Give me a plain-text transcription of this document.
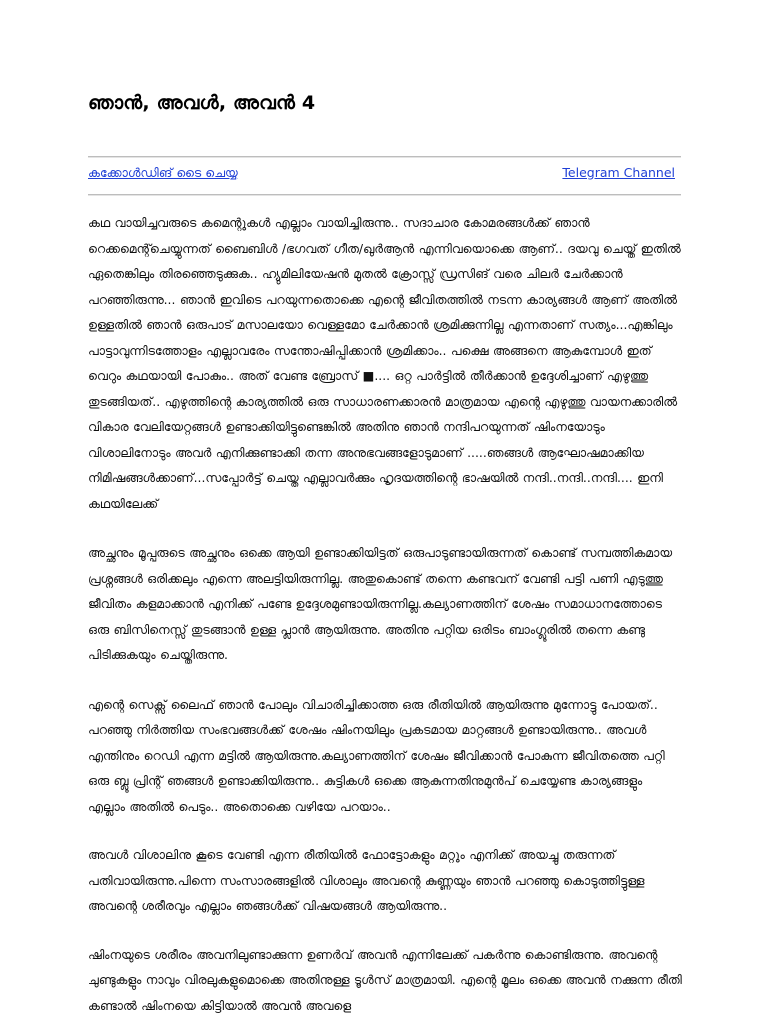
ഞാൻ, അവൾ, അവൻ 4
കക്കോൾഡിങ് ടൈ ചെയ്യ	Telegram Channel

കഥ വായിച്ചവരുടെ കമെന്റുകൾ എല്ലാം വായിച്ചിരുന്നു.. സദാചാര കോമരങ്ങൾക്ക് ഞാൻ റെക്കമെന്റ്ചെയ്യുന്നത് ബൈബിൾ /ഭഗവത് ഗീത/ഖുർആൻ എന്നിവയൊക്കെ ആണ്.. ദയവു ചെയ്ത് ഇതിൽ ഏതെങ്കിലും തിരഞ്ഞെടുക്കുക.. ഹ്യുമിലിയേഷൻ മുതൽ ക്രോസ്സ് ഡ്രസിങ് വരെ ചിലർ ചേർക്കാൻ പറഞ്ഞിരുന്നു... ഞാൻ ഇവിടെ പറയുന്നതൊക്കെ എന്റെ ജീവിതത്തിൽ നടന്ന കാര്യങ്ങൾ ആണ് അതിൽ ഉള്ളതിൽ ഞാൻ ഒരുപാട് മസാലയോ വെള്ളമോ ചേർക്കാൻ ശ്രമിക്കുന്നില്ല എന്നതാണ് സത്യം...എങ്കിലും പാട്ടാവുന്നിടത്തോളം എല്ലാവരേം സന്തോഷിപ്പിക്കാൻ ശ്രമിക്കാം.. പക്ഷെ അങ്ങനെ ആകുമ്പോൾ ഇത് വെറും കഥയായി പോകും.. അത് വേണ്ട ബ്രോസ് ■.... ഒറ്റ പാർട്ടിൽ തീർക്കാൻ ഉദ്ദേശിച്ചാണ് എഴുത്തു തുടങ്ങിയത്.. എഴുത്തിന്റെ കാര്യത്തിൽ ഒരു സാധാരണക്കാരൻ മാത്രമായ എന്റെ എഴുത്തു വായനക്കാരിൽ വികാര വേലിയേറ്റങ്ങൾ ഉണ്ടാക്കിയിട്ടുണ്ടെങ്കിൽ അതിനു ഞാൻ നന്ദിപറയുന്നത് ഷിംനയോടും വിശാലിനോടും അവർ എനിക്കുണ്ടാക്കി തന്ന അനുഭവങ്ങളോടുമാണ് .....ഞങ്ങൾ ആഘോഷമാക്കിയ നിമിഷങ്ങൾക്കാണ്...സപ്പോർട്ട് ചെയ്ത എല്ലാവർക്കും ഹൃദയത്തിന്റെ ഭാഷയിൽ നന്ദി..നന്ദി..നന്ദി.... ഇനി കഥയിലേക്ക്

അച്ഛനും മൂപ്പരുടെ അച്ഛനും ഒക്കെ ആയി ഉണ്ടാക്കിയിട്ടത് ഒരുപാടുണ്ടായിരുന്നത് കൊണ്ട് സമ്പത്തികമായ പ്രശ്നങ്ങൾ ഒരിക്കലും എന്നെ അലട്ടിയിരുന്നില്ല. അതുകൊണ്ട് തന്നെ കണ്ടവന് വേണ്ടി പട്ടി പണി എടുത്തു ജീവിതം കളമാക്കാൻ എനിക്ക് പണ്ടേ ഉദ്ദേശമുണ്ടായിരുന്നില്ല.കല്യാണത്തിന് ശേഷം സമാധാനത്തോടെ ഒരു ബിസിനെസ്സ് തുടങ്ങാൻ ഉള്ള പ്ലാൻ ആയിരുന്നു. അതിനു പറ്റിയ ഒരിടം ബാംഗ്ലൂരിൽ തന്നെ കണ്ടു പിടിക്കുകയും ചെയ്തിരുന്നു.

എന്റെ സെക്സ് ലൈഫ് ഞാൻ പോലും വിചാരിച്ചിക്കാത്ത ഒരു രീതിയിൽ ആയിരുന്നു മുന്നോട്ടു പോയത്.. പറഞ്ഞു നിർത്തിയ സംഭവങ്ങൾക്ക് ശേഷം ഷിംനയിലും പ്രകടമായ മാറ്റങ്ങൾ ഉണ്ടായിരുന്നു.. അവൾ എന്തിനും റെഡി എന്ന മട്ടിൽ ആയിരുന്നു.കല്യാണത്തിന് ശേഷം ജീവിക്കാൻ പോകുന്ന ജീവിതത്തെ പറ്റി ഒരു ബ്ലൂ പ്രിന്റ് ഞങ്ങൾ ഉണ്ടാക്കിയിരുന്നു.. കുട്ടികൾ ഒക്കെ ആകുന്നതിനുമുൻപ് ചെയ്യേണ്ട കാര്യങ്ങളും എല്ലാം അതിൽ പെടും.. അതൊക്കെ വഴിയേ പറയാം..

അവൾ വിശാലിനു കൂടെ വേണ്ടി എന്ന രീതിയിൽ ഫോട്ടോകളും മറ്റും എനിക്ക് അയച്ചു തരുന്നത് പതിവായിരുന്നു.പിന്നെ സംസാരങ്ങളിൽ വിശാലും അവന്റെ കുണ്ണയും ഞാൻ പറഞ്ഞു കൊടുത്തിട്ടുള്ള അവന്റെ ശരീരവും എല്ലാം ഞങ്ങൾക്ക് വിഷയങ്ങൾ ആയിരുന്നു..

ഷിംനയുടെ ശരീരം അവനിലുണ്ടാക്കുന്ന ഉണർവ് അവൻ എന്നിലേക്ക് പകർന്നു കൊണ്ടിരുന്നു. അവന്റെ ചുണ്ടുകളും നാവും വിരലുകളുമൊക്കെ അതിനുള്ള ടൂൾസ് മാത്രമായി. എന്റെ മൂലം ഒക്കെ അവൻ നക്കുന്ന രീതി കണ്ടാൽ ഷിംനയെ കിട്ടിയാൽ അവൻ അവളെ
